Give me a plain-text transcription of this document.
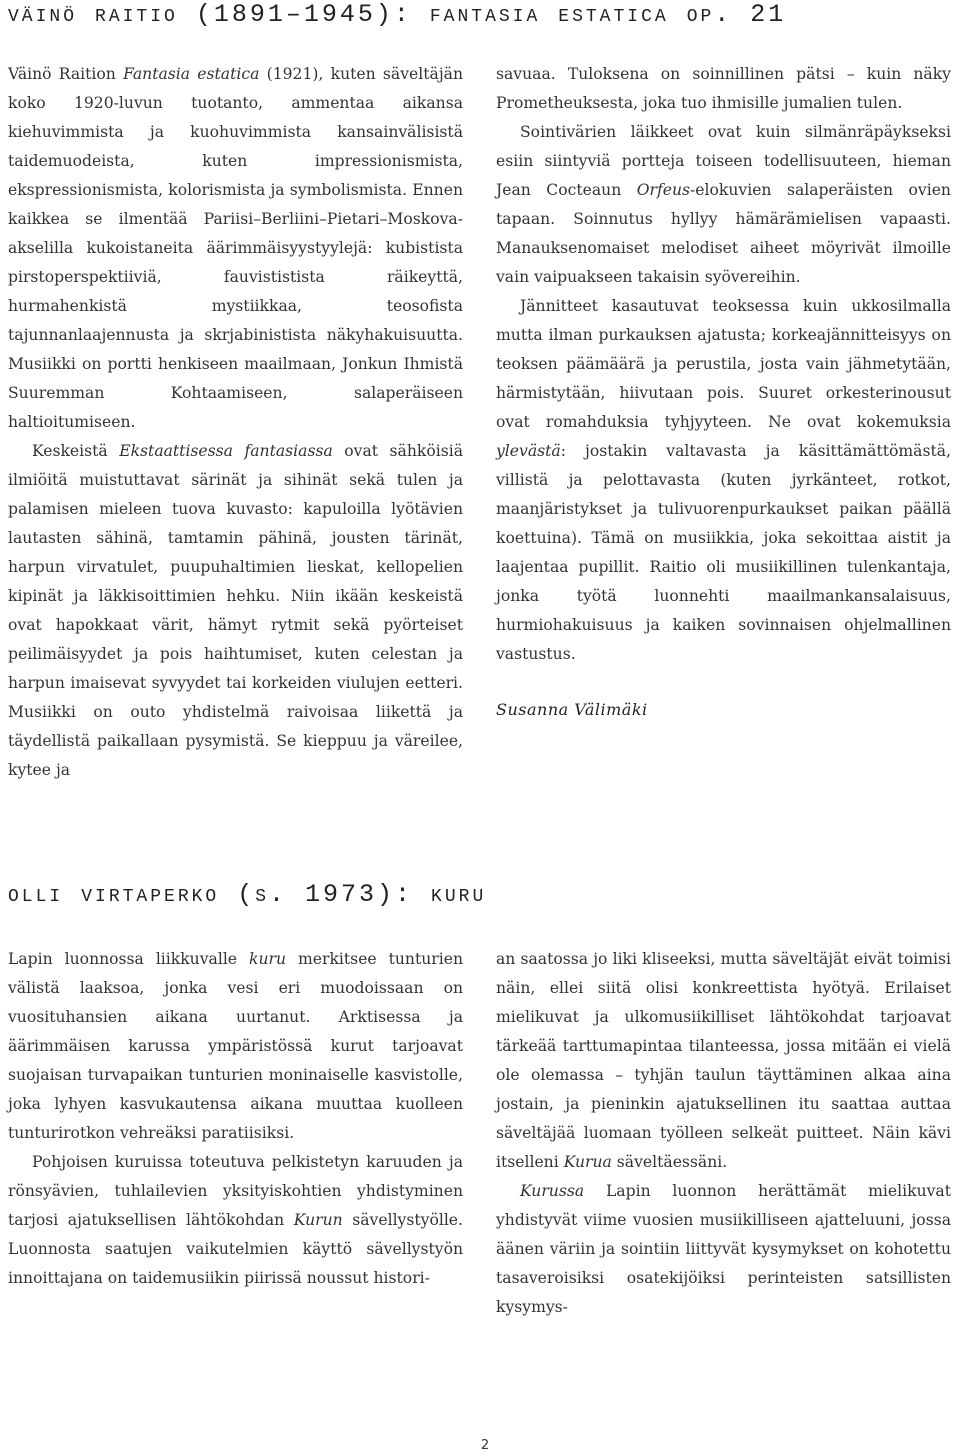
väinö raitio (1891–1945): fantasia estatica op. 21

Väinö Raition Fantasia estatica (1921), kuten säveltäjän koko 1920-luvun tuotanto, ammentaa aikansa kiehuvimmista ja kuohuvimmista kansainvälisistä taidemuodeista, kuten impressionismista, ekspressionismista, kolorismista ja symbolismista. Ennen kaikkea se ilmentää Pariisi–Berliini–Pietari–Moskova-akselilla kukoistaneita äärimmäisyystyylejä: kubistista pirstoperspektiiviä, fauvististista räikeyttä, hurmahenkistä mystiikkaa, teosofista tajunnanlaajennusta ja skrjabinistista näkyhakuisuutta. Musiikki on portti henkiseen maailmaan, Jonkun Ihmistä Suuremman Kohtaamiseen, salaperäiseen haltioitumiseen.

Keskeistä Ekstaattisessa fantasiassa ovat sähköisiä ilmiöitä muistuttavat särinät ja sihinät sekä tulen ja palamisen mieleen tuova kuvasto: kapuloilla lyötävien lautasten sähinä, tamtamin pähinä, jousten tärinät, harpun virvatulet, puupuhaltimien lieskat, kellopelien kipinät ja läkkisoittimien hehku. Niin ikään keskeistä ovat hapokkaat värit, hämyt rytmit sekä pyörteiset peilimäisyydet ja pois haihtumiset, kuten celestan ja harpun imaisevat syvyydet tai korkeiden viulujen eetteri. Musiikki on outo yhdistelmä raivoisaa liikettä ja täydellistä paikallaan pysymistä. Se kieppuu ja väreilee, kytee ja

savuaa. Tuloksena on soinnillinen pätsi – kuin näky Prometheuksesta, joka tuo ihmisille jumalien tulen.

Sointivärien läikkeet ovat kuin silmänräpäykseksi esiin siintyviä portteja toiseen todellisuuteen, hieman Jean Cocteaun Orfeus-elokuvien salaperäisten ovien tapaan. Soinnutus hyllyy hämärämielisen vapaasti. Manauksenomaiset melodiset aiheet möyrivät ilmoille vain vaipuakseen takaisin syövereihin.

Jännitteet kasautuvat teoksessa kuin ukkosilmalla mutta ilman purkauksen ajatusta; korkeajännitteisyys on teoksen päämäärä ja perustila, josta vain jähmetytään, härmistytään, hiivutaan pois. Suuret orkesterinousut ovat romahduksia tyhjyyteen. Ne ovat kokemuksia ylevästä: jostakin valtavasta ja käsittämättömästä, villistä ja pelottavasta (kuten jyrkänteet, rotkot, maanjäristykset ja tulivuorenpurkaukset paikan päällä koettuina). Tämä on musiikkia, joka sekoittaa aistit ja laajentaa pupillit. Raitio oli musiikillinen tulenkantaja, jonka työtä luonnehti maailmankansalaisuus, hurmiohakuisuus ja kaiken sovinnaisen ohjelmallinen vastustus.

Susanna Välimäki

olli virtaperko (s. 1973): kuru

Lapin luonnossa liikkuvalle kuru merkitsee tunturien välistä laaksoa, jonka vesi eri muodoissaan on vuosituhansien aikana uurtanut. Arktisessa ja äärimmäisen karussa ympäristössä kurut tarjoavat suojaisan turvapaikan tunturien moninaiselle kasvistolle, joka lyhyen kasvukautensa aikana muuttaa kuolleen tunturirotkon vehreäksi paratiisiksi.

Pohjoisen kuruissa toteutuva pelkistetyn karuuden ja rönsyävien, tuhlailevien yksityiskohtien yhdistyminen tarjosi ajatuksellisen lähtökohdan Kurun sävellystyölle. Luonnosta saatujen vaikutelmien käyttö sävellystyön innoittajana on taidemusiikin piirissä noussut histori-

an saatossa jo liki kliseeksi, mutta säveltäjät eivät toimisi näin, ellei siitä olisi konkreettista hyötyä. Erilaiset mielikuvat ja ulkomusiikilliset lähtökohdat tarjoavat tärkeää tarttumapintaa tilanteessa, jossa mitään ei vielä ole olemassa – tyhjän taulun täyttäminen alkaa aina jostain, ja pieninkin ajatuksellinen itu saattaa auttaa säveltäjää luomaan työlleen selkeät puitteet. Näin kävi itselleni Kurua säveltäessäni.

Kurussa Lapin luonnon herättämät mielikuvat yhdistyvät viime vuosien musiikilliseen ajatteluuni, jossa äänen väriin ja sointiin liittyvät kysymykset on kohotettu tasaveroisiksi osatekijöiksi perinteisten satsillisten kysymys-

2
